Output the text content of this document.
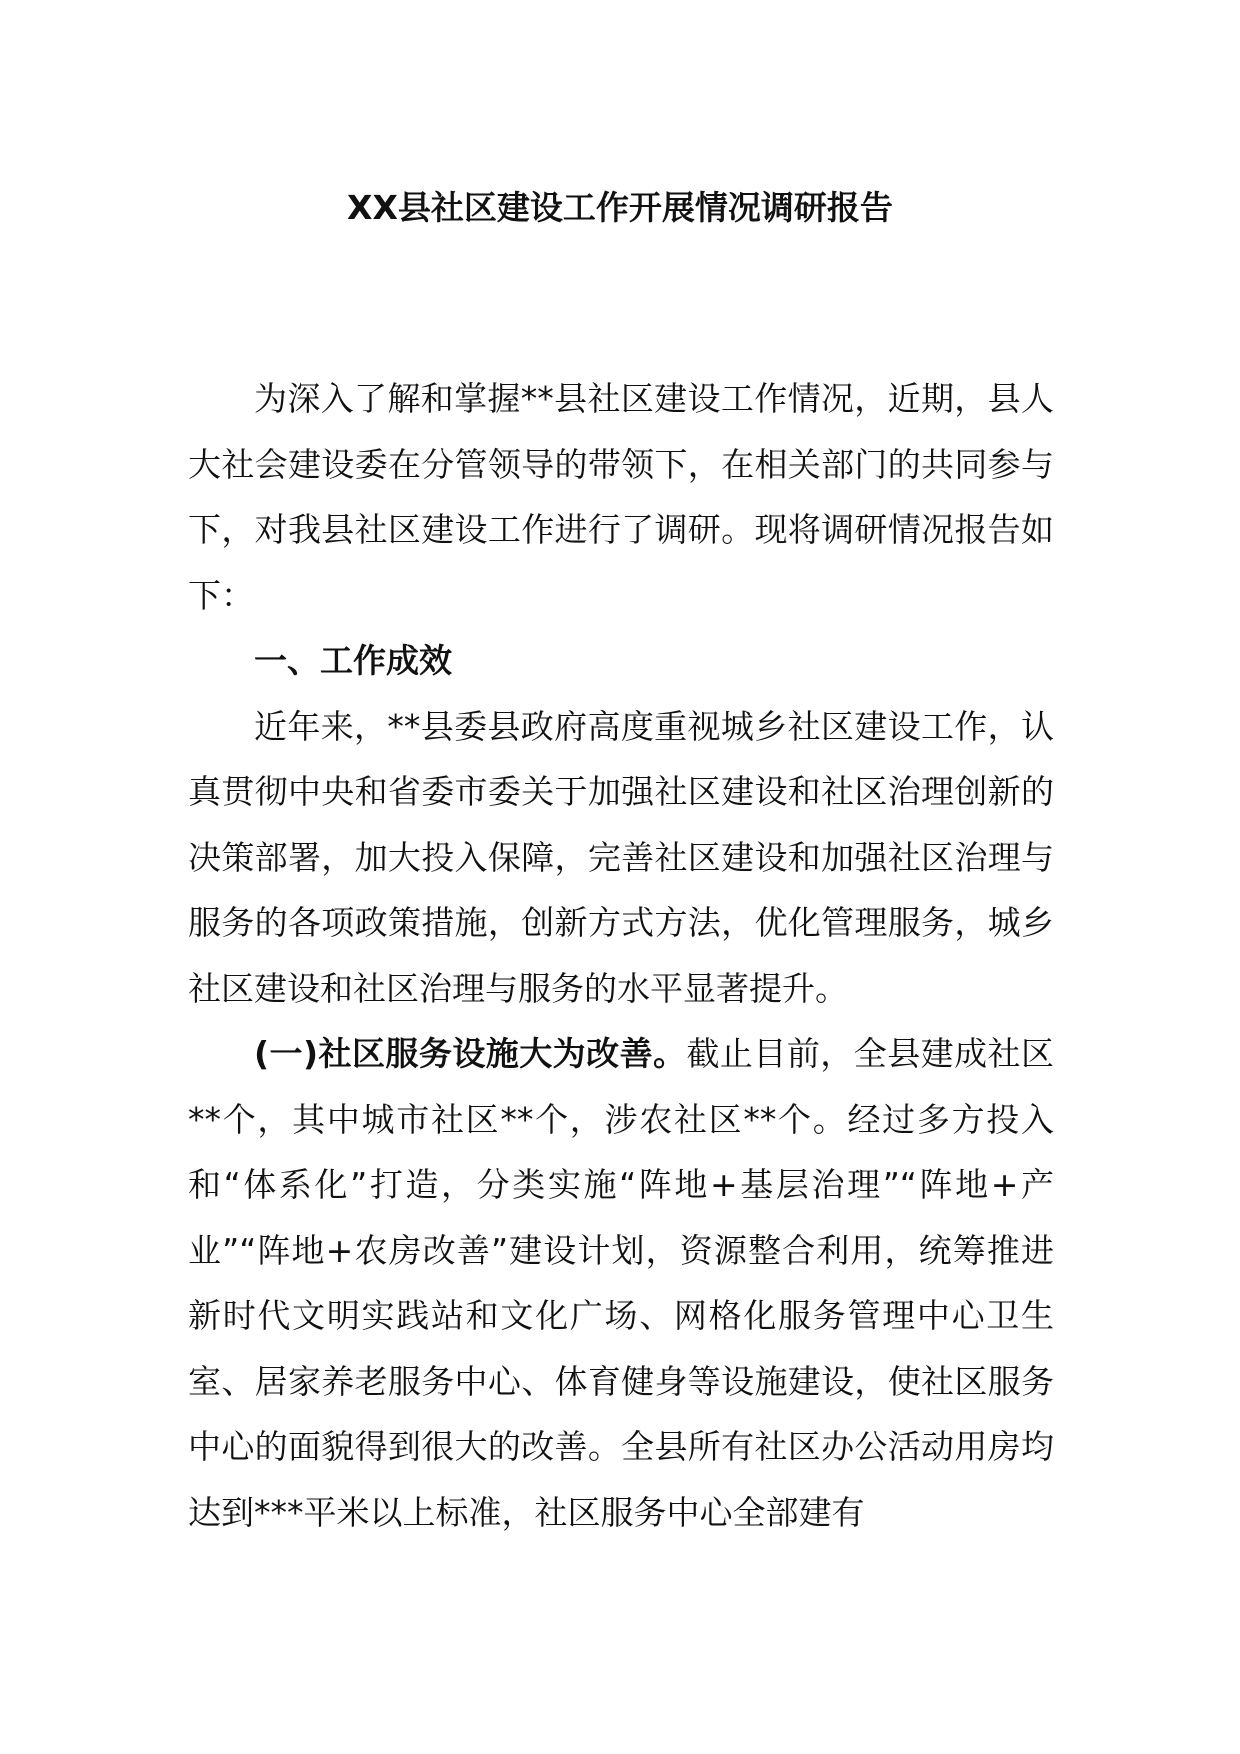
XX县社区建设工作开展情况调研报告

为深入了解和掌握**县社区建设工作情况，近期，县人大社会建设委在分管领导的带领下，在相关部门的共同参与下，对我县社区建设工作进行了调研。现将调研情况报告如下：

一、工作成效

近年来，**县委县政府高度重视城乡社区建设工作，认真贯彻中央和省委市委关于加强社区建设和社区治理创新的决策部署，加大投入保障，完善社区建设和加强社区治理与服务的各项政策措施，创新方式方法，优化管理服务，城乡社区建设和社区治理与服务的水平显著提升。

(一)社区服务设施大为改善。截止目前，全县建成社区**个，其中城市社区**个，涉农社区**个。经过多方投入和“体系化”打造，分类实施“阵地+基层治理”“阵地+产业”“阵地+农房改善”建设计划，资源整合利用，统筹推进新时代文明实践站和文化广场、网格化服务管理中心卫生室、居家养老服务中心、体育健身等设施建设，使社区服务中心的面貌得到很大的改善。全县所有社区办公活动用房均达到***平米以上标准，社区服务中心全部建有
